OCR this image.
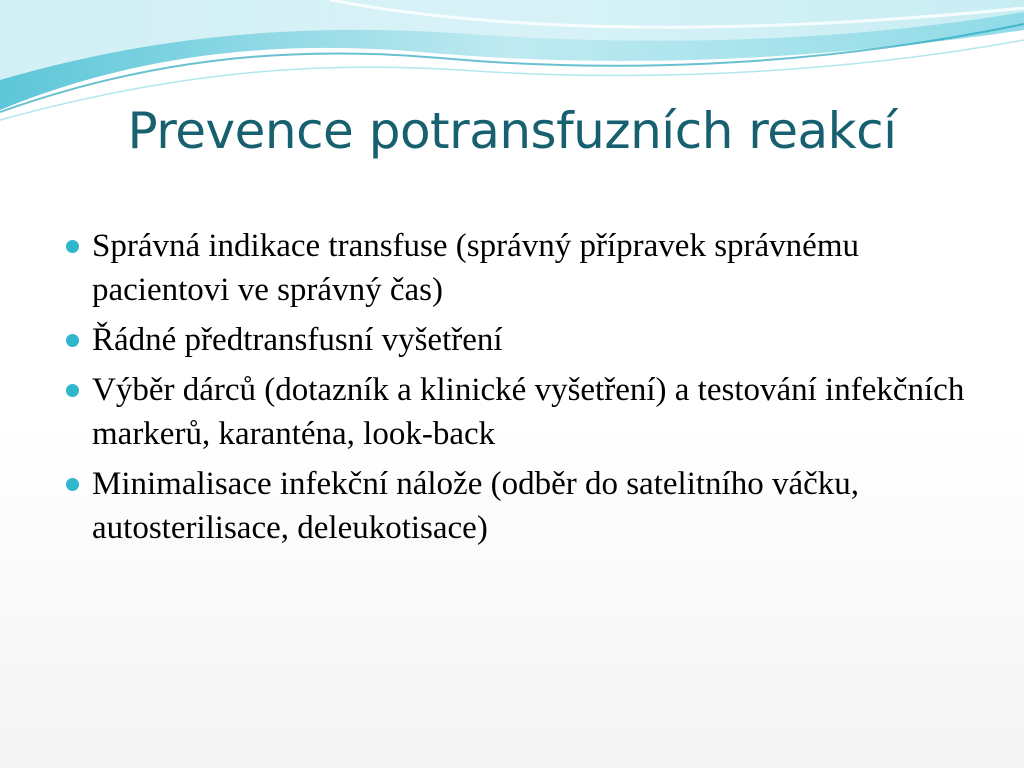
Prevence potransfuzních reakcí
Správná indikace transfuse (správný přípravek správnému pacientovi ve správný čas)
Řádné předtransfusní vyšetření
Výběr dárců (dotazník a klinické vyšetření) a testování infekčních markerů, karanténa, look-back
Minimalisace infekční nálože (odběr do satelitního váčku, autosterilisace, deleukotisace)
